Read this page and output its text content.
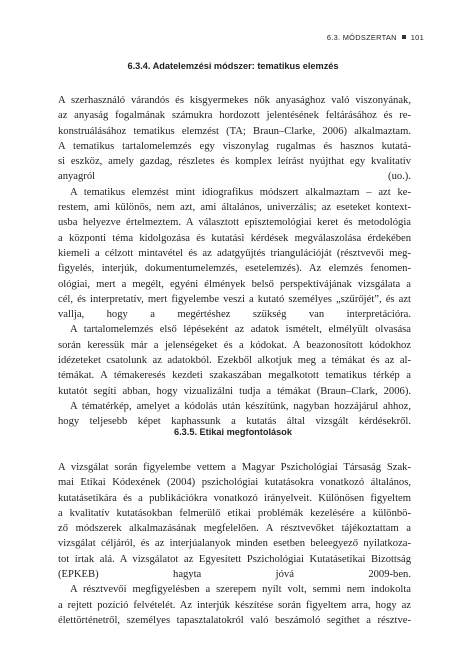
6.3. MÓDSZERTAN 101
6.3.4. Adatelemzési módszer: tematikus elemzés
A szerhasználó várandós és kisgyermekes nők anyasághoz való viszonyának,
az anyaság fogalmának számukra hordozott jelentésének feltárásához és re-
konstruálásához tematikus elemzést (TA; Braun–Clarke, 2006) alkalmaztam.
A tematikus tartalomelemzés egy viszonylag rugalmas és hasznos kutatá-
si eszköz, amely gazdag, részletes és komplex leírást nyújthat egy kvalitatív
anyagról (uo.).
A tematikus elemzést mint idiografikus módszert alkalmaztam – azt ke-
restem, ami különös, nem azt, ami általános, univerzális; az eseteket kontext-
usba helyezve értelmeztem. A választott episztemológiai keret és metodológia
a központi téma kidolgozása és kutatási kérdések megválaszolása érdekében
kiemeli a célzott mintavétel és az adatgyűjtés triangulációját (résztvevői meg-
figyelés, interjúk, dokumentumelemzés, esetelemzés). Az elemzés fenomen-
ológiai, mert a megélt, egyéni élmények belső perspektívájának vizsgálata a
cél, és interpretatív, mert figyelembe veszi a kutató személyes „szűrőjét”, és azt
vallja, hogy a megértéshez szükség van interpretációra.
A tartalomelemzés első lépéseként az adatok ismételt, elmélyült olvasása
során keressük már a jelenségeket és a kódokat. A beazonosított kódokhoz
idézeteket csatolunk az adatokból. Ezekből alkotjuk meg a témákat és az al-
témákat. A témakeresés kezdeti szakaszában megalkotott tematikus térkép a
kutatót segíti abban, hogy vizualizálni tudja a témákat (Braun–Clark, 2006).
A tématérkép, amelyet a kódolás után készítünk, nagyban hozzájárul ahhoz,
hogy teljesebb képet kaphassunk a kutatás által vizsgált kérdésekről.
6.3.5. Etikai megfontolások
A vizsgálat során figyelembe vettem a Magyar Pszichológiai Társaság Szak-
mai Etikai Kódexének (2004) pszichológiai kutatásokra vonatkozó általános,
kutatásetikára és a publikációkra vonatkozó irányelveit. Különösen figyeltem
a kvalitatív kutatásokban felmerülő etikai problémák kezelésére a különbö-
ző módszerek alkalmazásának megfelelően. A résztvevőket tájékoztattam a
vizsgálat céljáról, és az interjúalanyok minden esetben beleegyező nyilatkoza-
tot írtak alá. A vizsgálatot az Egyesített Pszichológiai Kutatásetikai Bizottság
(EPKEB) hagyta jóvá 2009-ben.
A résztvevői megfigyelésben a szerepem nyílt volt, semmi nem indokolta
a rejtett pozíció felvételét. Az interjúk készítése során figyeltem arra, hogy az
élettörténetről, személyes tapasztalatokról való beszámoló segíthet a résztve-
